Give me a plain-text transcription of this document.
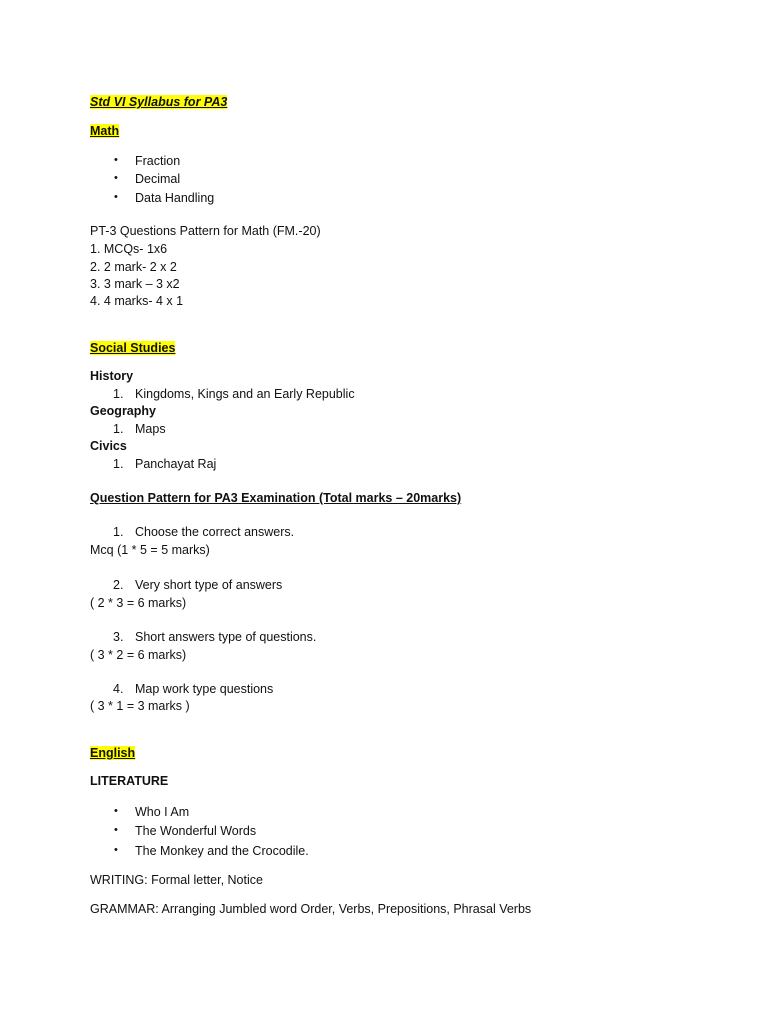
Std VI Syllabus for PA3
Math
• Fraction
• Decimal
• Data Handling
PT-3 Questions Pattern for Math (FM.-20)
1. MCQs- 1x6
2. 2 mark- 2 x 2
3. 3 mark – 3 x2
4. 4 marks- 4 x 1
Social Studies
History
1. Kingdoms, Kings and an Early Republic
Geography
1. Maps
Civics
1. Panchayat Raj
Question Pattern for PA3 Examination (Total marks – 20marks)
1. Choose the correct answers.
Mcq (1 * 5 = 5 marks)
2. Very short type of answers
( 2 * 3 = 6 marks)
3. Short answers type of questions.
( 3 * 2 = 6 marks)
4. Map work type questions
( 3 * 1 = 3 marks )
English
LITERATURE
• Who I Am
• The Wonderful Words
• The Monkey and the Crocodile.
WRITING: Formal letter, Notice
GRAMMAR: Arranging Jumbled word Order, Verbs, Prepositions, Phrasal Verbs
